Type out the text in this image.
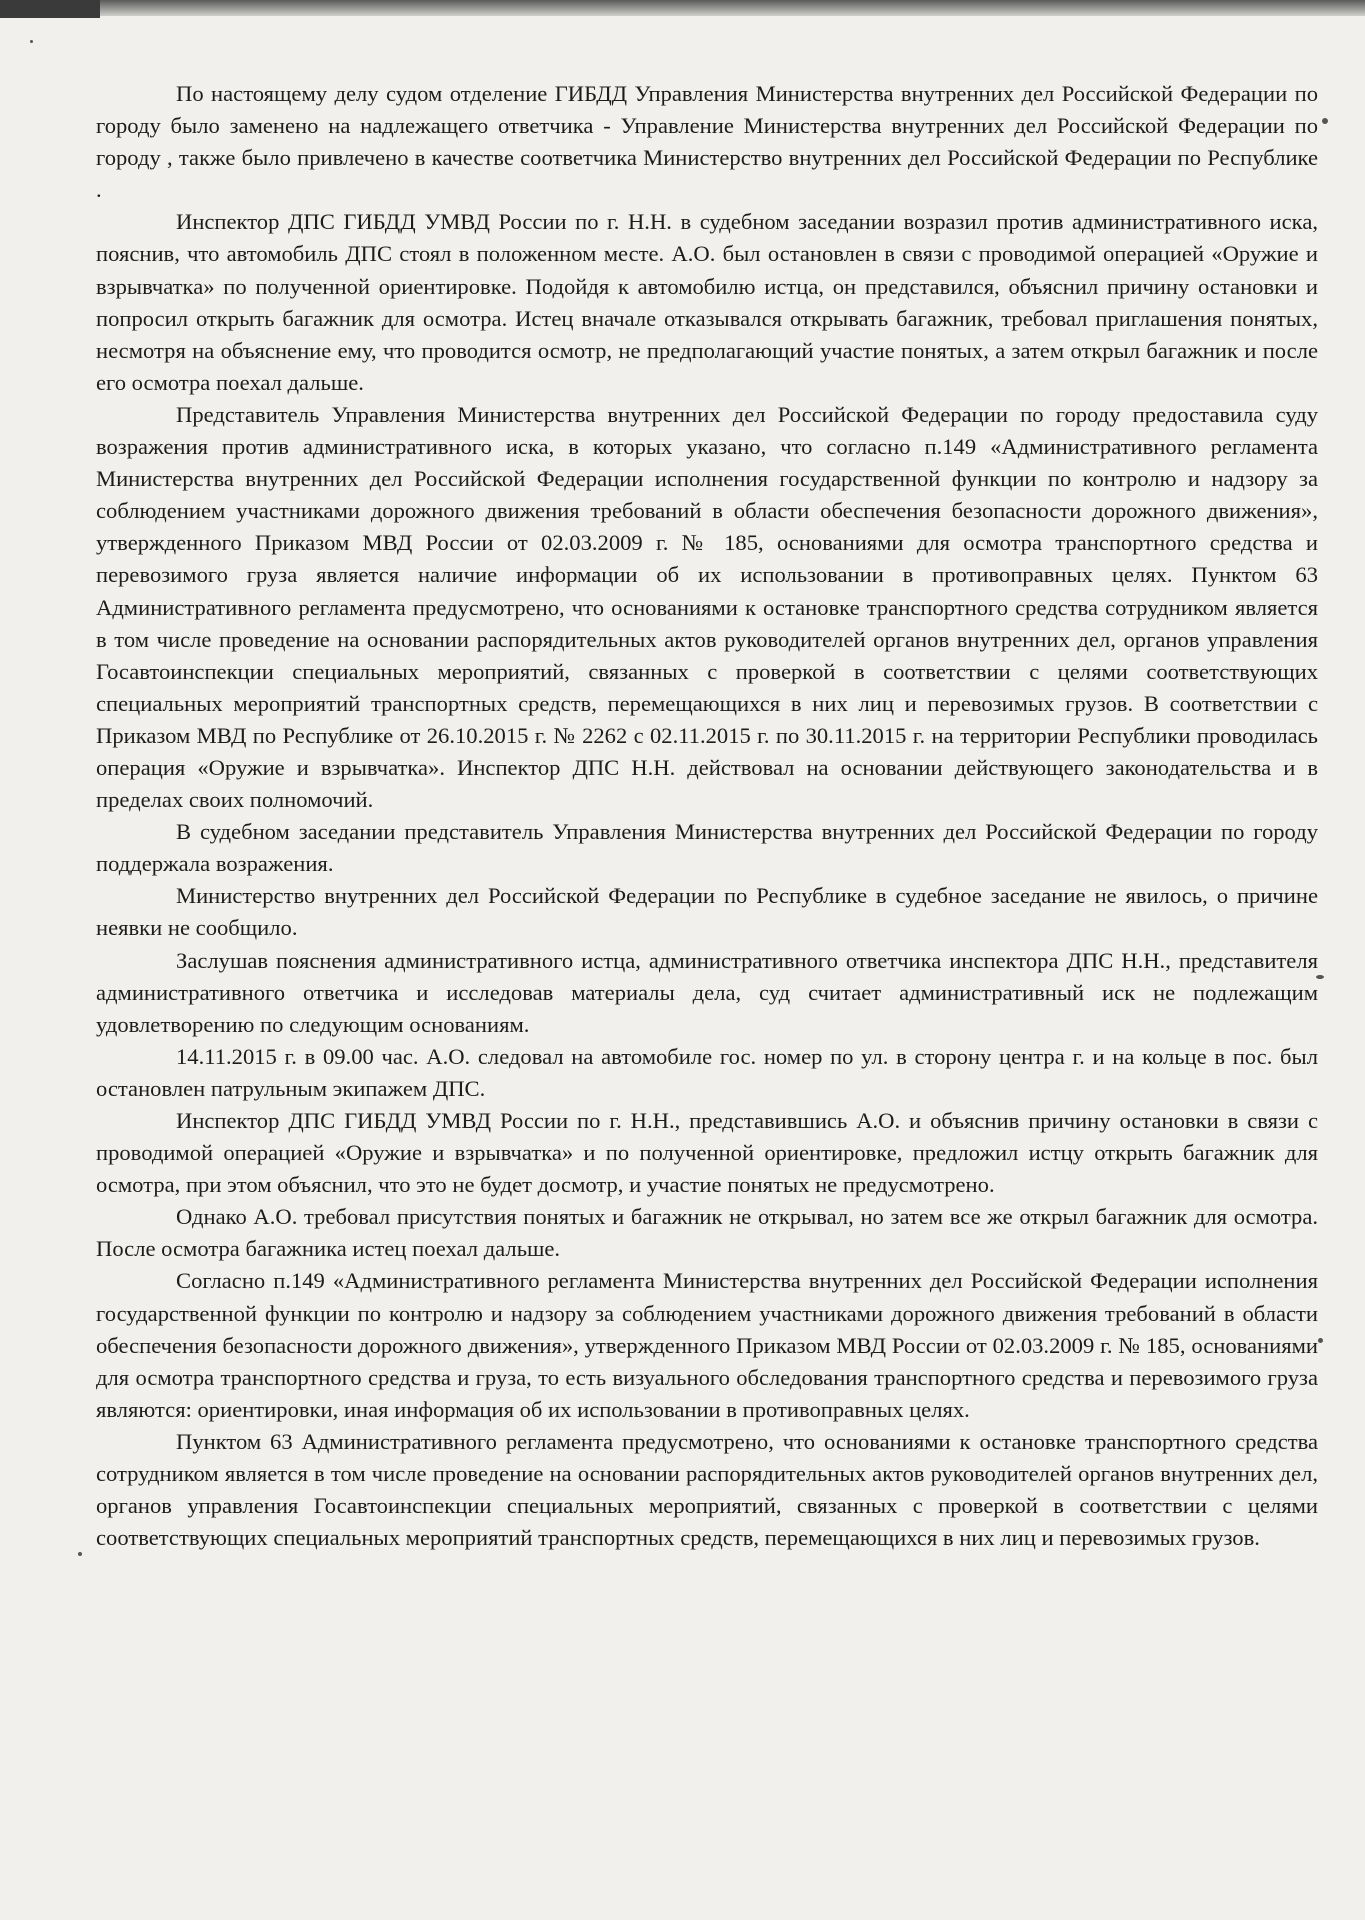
По настоящему делу судом отделение ГИБДД Управления Министерства внутренних дел Российской Федерации по городу было заменено на надлежащего ответчика - Управление Министерства внутренних дел Российской Федерации по городу , также было привлечено в качестве соответчика Министерство внутренних дел Российской Федерации по Республике .

Инспектор ДПС ГИБДД УМВД России по г. Н.Н. в судебном заседании возразил против административного иска, пояснив, что автомобиль ДПС стоял в положенном месте. А.О. был остановлен в связи с проводимой операцией «Оружие и взрывчатка» по полученной ориентировке. Подойдя к автомобилю истца, он представился, объяснил причину остановки и попросил открыть багажник для осмотра. Истец вначале отказывался открывать багажник, требовал приглашения понятых, несмотря на объяснение ему, что проводится осмотр, не предполагающий участие понятых, а затем открыл багажник и после его осмотра поехал дальше.

Представитель Управления Министерства внутренних дел Российской Федерации по городу предоставила суду возражения против административного иска, в которых указано, что согласно п.149 «Административного регламента Министерства внутренних дел Российской Федерации исполнения государственной функции по контролю и надзору за соблюдением участниками дорожного движения требований в области обеспечения безопасности дорожного движения», утвержденного Приказом МВД России от 02.03.2009 г. № 185, основаниями для осмотра транспортного средства и перевозимого груза является наличие информации об их использовании в противоправных целях. Пунктом 63 Административного регламента предусмотрено, что основаниями к остановке транспортного средства сотрудником является в том числе проведение на основании распорядительных актов руководителей органов внутренних дел, органов управления Госавтоинспекции специальных мероприятий, связанных с проверкой в соответствии с целями соответствующих специальных мероприятий транспортных средств, перемещающихся в них лиц и перевозимых грузов. В соответствии с Приказом МВД по Республике от 26.10.2015 г. № 2262 с 02.11.2015 г. по 30.11.2015 г. на территории Республики проводилась операция «Оружие и взрывчатка». Инспектор ДПС Н.Н. действовал на основании действующего законодательства и в пределах своих полномочий.

В судебном заседании представитель Управления Министерства внутренних дел Российской Федерации по городу поддержала возражения.

Министерство внутренних дел Российской Федерации по Республике в судебное заседание не явилось, о причине неявки не сообщило.

Заслушав пояснения административного истца, административного ответчика инспектора ДПС Н.Н., представителя административного ответчика и исследовав материалы дела, суд считает административный иск не подлежащим удовлетворению по следующим основаниям.

14.11.2015 г. в 09.00 час. А.О. следовал на автомобиле гос. номер по ул. в сторону центра г. и на кольце в пос. был остановлен патрульным экипажем ДПС.

Инспектор ДПС ГИБДД УМВД России по г. Н.Н., представившись А.О. и объяснив причину остановки в связи с проводимой операцией «Оружие и взрывчатка» и по полученной ориентировке, предложил истцу открыть багажник для осмотра, при этом объяснил, что это не будет досмотр, и участие понятых не предусмотрено.

Однако А.О. требовал присутствия понятых и багажник не открывал, но затем все же открыл багажник для осмотра. После осмотра багажника истец поехал дальше.

Согласно п.149 «Административного регламента Министерства внутренних дел Российской Федерации исполнения государственной функции по контролю и надзору за соблюдением участниками дорожного движения требований в области обеспечения безопасности дорожного движения», утвержденного Приказом МВД России от 02.03.2009 г. № 185, основаниями для осмотра транспортного средства и груза, то есть визуального обследования транспортного средства и перевозимого груза являются: ориентировки, иная информация об их использовании в противоправных целях.

Пунктом 63 Административного регламента предусмотрено, что основаниями к остановке транспортного средства сотрудником является в том числе проведение на основании распорядительных актов руководителей органов внутренних дел, органов управления Госавтоинспекции специальных мероприятий, связанных с проверкой в соответствии с целями соответствующих специальных мероприятий транспортных средств, перемещающихся в них лиц и перевозимых грузов.
